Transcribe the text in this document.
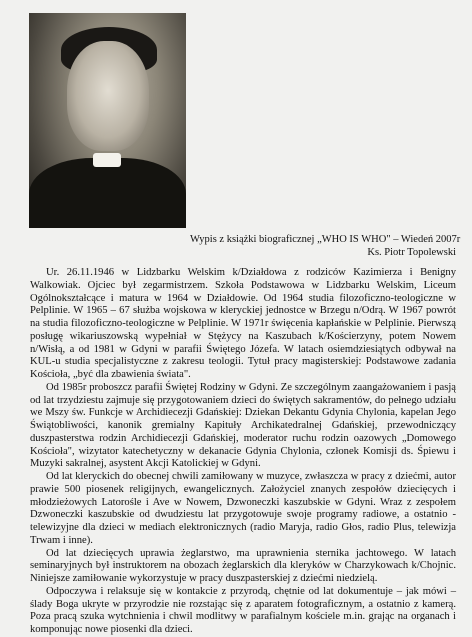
Wypis z książki biograficznej „WHO IS WHO" – Wiedeń 2007r
Ks. Piotr Topolewski

Ur. 26.11.1946 w Lidzbarku Welskim k/Działdowa z rodziców Kazimierza i Benigny Walkowiak. Ojciec był zegarmistrzem. Szkoła Podstawowa w Lidzbarku Welskim, Liceum Ogólnokształcące i matura w 1964 w Działdowie. Od 1964 studia filozoficzno-teologiczne w Pelplinie. W 1965 – 67 służba wojskowa w kleryckiej jednostce w Brzegu n/Odrą. W 1967 powrót na studia filozoficzno-teologiczne w Pelplinie. W 1971r święcenia kapłańskie w Pelplinie. Pierwszą posługę wikariuszowską wypełniał w Stężycy na Kaszubach k/Kościerzyny, potem Nowem n/Wisłą, a od 1981 w Gdyni w parafii Świętego Józefa. W latach osiemdziesiątych odbywał na KUL-u studia specjalistyczne z zakresu teologii. Tytuł pracy magisterskiej: Podstawowe zadania Kościoła, „być dla zbawienia świata".

Od 1985r proboszcz parafii Świętej Rodziny w Gdyni. Ze szczególnym zaangażowaniem i pasją od lat trzydziestu zajmuje się przygotowaniem dzieci do świętych sakramentów, do pełnego udziału we Mszy św. Funkcje w Archidiecezji Gdańskiej: Dziekan Dekantu Gdynia Chylonia, kapelan Jego Świątobliwości, kanonik gremialny Kapituły Archikatedralnej Gdańskiej, przewodniczący duszpasterstwa rodzin Archidiecezji Gdańskiej, moderator ruchu rodzin oazowych „Domowego Kościoła", wizytator katechetyczny w dekanacie Gdynia Chylonia, członek Komisji ds. Śpiewu i Muzyki sakralnej, asystent Akcji Katolickiej w Gdyni.

Od lat kleryckich do obecnej chwili zamiłowany w muzyce, zwłaszcza w pracy z dziećmi, autor prawie 500 piosenek religijnych, ewangelicznych. Założyciel znanych zespołów dziecięcych i młodzieżowych Latorośle i Ave w Nowem, Dzwoneczki kaszubskie w Gdyni. Wraz z zespołem Dzwoneczki kaszubskie od dwudziestu lat przygotowuje swoje programy radiowe, a ostatnio - telewizyjne dla dzieci w mediach elektronicznych (radio Maryja, radio Głos, radio Plus, telewizja Trwam i inne).

Od lat dziecięcych uprawia żeglarstwo, ma uprawnienia sternika jachtowego. W latach seminaryjnych był instruktorem na obozach żeglarskich dla kleryków w Charzykowach k/Chojnic. Niniejsze zamiłowanie wykorzystuje w pracy duszpasterskiej z dziećmi niedzielą.

Odpoczywa i relaksuje się w kontakcie z przyrodą, chętnie od lat dokumentuje – jak mówi – ślady Boga ukryte w przyrodzie nie rozstając się z aparatem fotograficznym, a ostatnio z kamerą. Poza pracą szuka wytchnienia i chwil modlitwy w parafialnym kościele m.in. grając na organach i komponując nowe piosenki dla dzieci.
